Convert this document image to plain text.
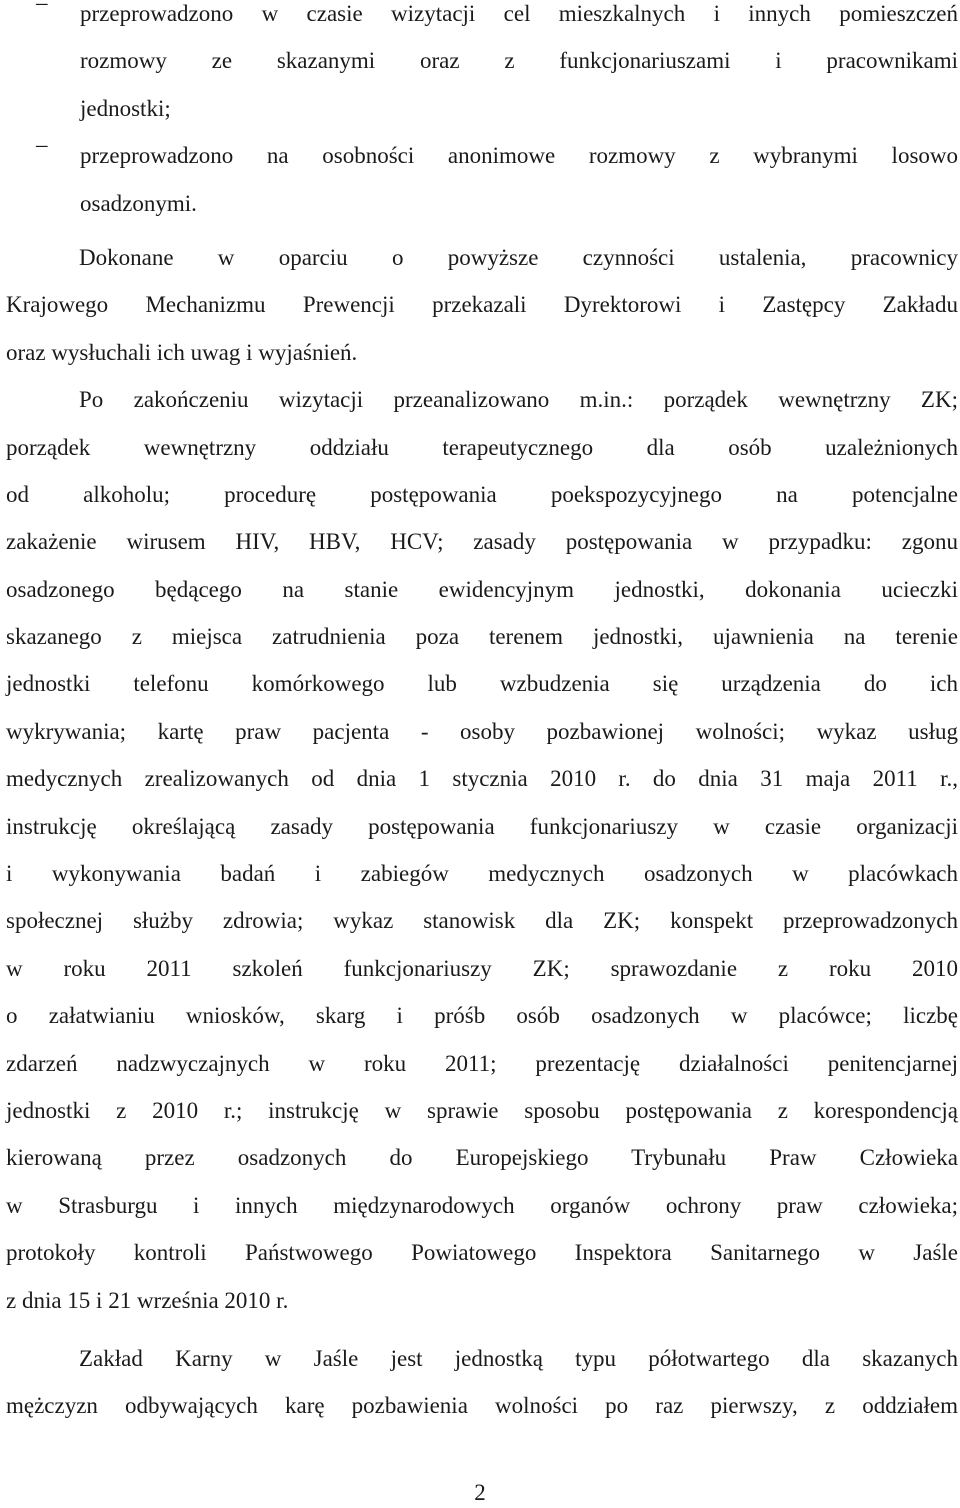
–	przeprowadzono w czasie wizytacji cel mieszkalnych i innych pomieszczeń
rozmowy ze skazanymi oraz z funkcjonariuszami i pracownikami
jednostki;
–	przeprowadzono na osobności anonimowe rozmowy z wybranymi losowo
osadzonymi.
Dokonane w oparciu o powyższe czynności ustalenia, pracownicy
Krajowego Mechanizmu Prewencji przekazali Dyrektorowi i Zastępcy Zakładu
oraz wysłuchali ich uwag i wyjaśnień.
Po zakończeniu wizytacji przeanalizowano m.in.: porządek wewnętrzny ZK;
porządek wewnętrzny oddziału terapeutycznego dla osób uzależnionych
od alkoholu; procedurę postępowania poekspozycyjnego na potencjalne
zakażenie wirusem HIV, HBV, HCV; zasady postępowania w przypadku: zgonu
osadzonego będącego na stanie ewidencyjnym jednostki, dokonania ucieczki
skazanego z miejsca zatrudnienia poza terenem jednostki, ujawnienia na terenie
jednostki telefonu komórkowego lub wzbudzenia się urządzenia do ich
wykrywania; kartę praw pacjenta - osoby pozbawionej wolności; wykaz usług
medycznych zrealizowanych od dnia 1 stycznia 2010 r. do dnia 31 maja 2011 r.,
instrukcję określającą zasady postępowania funkcjonariuszy w czasie organizacji
i wykonywania badań i zabiegów medycznych osadzonych w placówkach
społecznej służby zdrowia; wykaz stanowisk dla ZK; konspekt przeprowadzonych
w roku 2011 szkoleń funkcjonariuszy ZK; sprawozdanie z roku 2010
o załatwianiu wniosków, skarg i próśb osób osadzonych w placówce; liczbę
zdarzeń nadzwyczajnych w roku 2011; prezentację działalności penitencjarnej
jednostki z 2010 r.; instrukcję w sprawie sposobu postępowania z korespondencją
kierowaną przez osadzonych do Europejskiego Trybunału Praw Człowieka
w Strasburgu i innych międzynarodowych organów ochrony praw człowieka;
protokoły kontroli Państwowego Powiatowego Inspektora Sanitarnego w Jaśle
z dnia 15 i 21 września 2010 r.
Zakład Karny w Jaśle jest jednostką typu półotwartego dla skazanych
mężczyzn odbywających karę pozbawienia wolności po raz pierwszy, z oddziałem
2
